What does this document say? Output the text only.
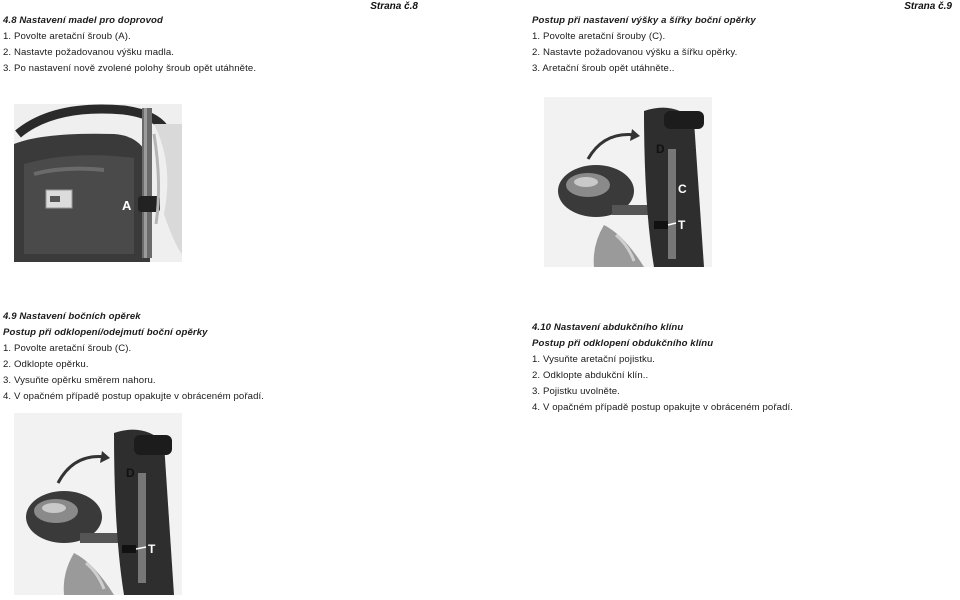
Strana č.8
4.8 Nastavení madel pro doprovod
1. Povolte aretační šroub (A).
2. Nastavte požadovanou výšku madla.
3. Po nastavení nově zvolené polohy šroub opět utáhněte.
A
4.9 Nastavení bočních opěrek
Postup při odklopení/odejmutí boční opěrky
1. Povolte aretační šroub (C).
2. Odklopte opěrku.
3. Vysuňte opěrku směrem nahoru.
4. V opačném případě postup opakujte v obráceném pořadí.
D
T
Strana č.9
Postup při nastavení výšky a šířky boční opěrky
1. Povolte aretační šrouby (C).
2. Nastavte požadovanou výšku a šířku opěrky.
3. Aretační šroub opět utáhněte..
D
C
T
4.10 Nastavení abdukčního klínu
Postup při odklopení obdukčního klínu
1. Vysuňte aretační pojistku.
2. Odklopte abdukční klín..
3. Pojistku uvolněte.
4. V opačném případě postup opakujte v obráceném pořadí.
